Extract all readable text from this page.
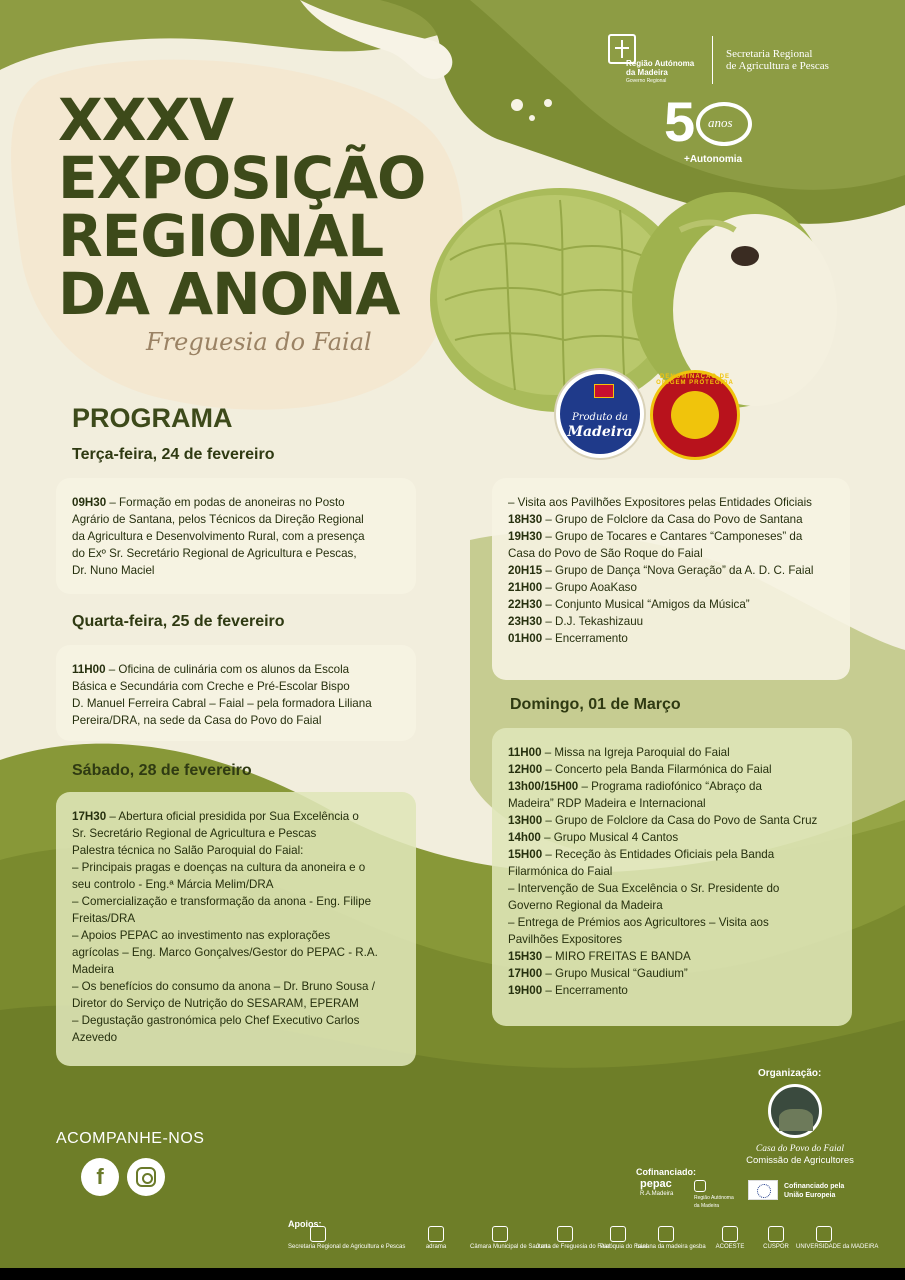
Região Autónoma
da Madeira
Governo Regional
Secretaria Regional
de Agricultura e Pescas
5 anos
+Autonomia
XXXV
EXPOSIÇÃO
REGIONAL
DA ANONA
Freguesia do Faial
Produto da
Madeira
DENOMINAÇÃO DE ORIGEM PROTEGIDA
PROGRAMA
Terça-feira, 24 de fevereiro
09H30 – Formação em podas de anoneiras no Posto
Agrário de Santana, pelos Técnicos da Direção Regional
da Agricultura e Desenvolvimento Rural, com a presença
do Exº Sr. Secretário Regional de Agricultura e Pescas,
Dr. Nuno Maciel
Quarta-feira, 25 de fevereiro
11H00 – Oficina de culinária com os alunos da Escola
Básica e Secundária com Creche e Pré-Escolar Bispo
D. Manuel Ferreira Cabral – Faial – pela formadora Liliana
Pereira/DRA, na sede da Casa do Povo do Faial
Sábado, 28 de fevereiro
17H30 – Abertura oficial presidida por Sua Excelência o
Sr. Secretário Regional de Agricultura e Pescas
Palestra técnica no Salão Paroquial do Faial:
– Principais pragas e doenças na cultura da anoneira e o
seu controlo - Eng.ª Márcia Melim/DRA
– Comercialização e transformação da anona - Eng. Filipe
Freitas/DRA
– Apoios PEPAC ao investimento nas explorações
agrícolas – Eng. Marco Gonçalves/Gestor do PEPAC - R.A.
Madeira
– Os benefícios do consumo da anona – Dr. Bruno Sousa /
Diretor do Serviço de Nutrição do SESARAM, EPERAM
– Degustação gastronómica pelo Chef Executivo Carlos
Azevedo
– Visita aos Pavilhões Expositores pelas Entidades Oficiais
18H30 – Grupo de Folclore da Casa do Povo de Santana
19H30 – Grupo de Tocares e Cantares “Camponeses” da
Casa do Povo de São Roque do Faial
20H15 – Grupo de Dança “Nova Geração” da A. D. C. Faial
21H00 – Grupo AoaKaso
22H30 – Conjunto Musical “Amigos da Música”
23H30 – D.J. Tekashizauu
01H00 – Encerramento
Domingo, 01 de Março
11H00 – Missa na Igreja Paroquial do Faial
12H00 – Concerto pela Banda Filarmónica do Faial
13h00/15H00 – Programa radiofónico “Abraço da
Madeira” RDP Madeira e Internacional
13H00 – Grupo de Folclore da Casa do Povo de Santa Cruz
14h00 – Grupo Musical 4 Cantos
15H00 – Receção às Entidades Oficiais pela Banda
Filarmónica do Faial
– Intervenção de Sua Excelência o Sr. Presidente do
Governo Regional da Madeira
– Entrega de Prémios aos Agricultores – Visita aos
Pavilhões Expositores
15H30 – MIRO FREITAS E BANDA
17H00 – Grupo Musical “Gaudium”
19H00 – Encerramento
ACOMPANHE-NOS
f
Organização:
Casa do Povo do Faial
Comissão de Agricultores
Cofinanciado:
pepac
R.A.Madeira
Região Autónoma da Madeira
Cofinanciado pela
União Europeia
Apoios:
Secretaria Regional de Agricultura e Pescas	adrama	Câmara Municipal de Santana
Junta de Freguesia do Faial
Paróquia do Faial
banana da madeira gesba	ACOESTE	CUSPOR UNIVERSIDADE da MADEIRA
